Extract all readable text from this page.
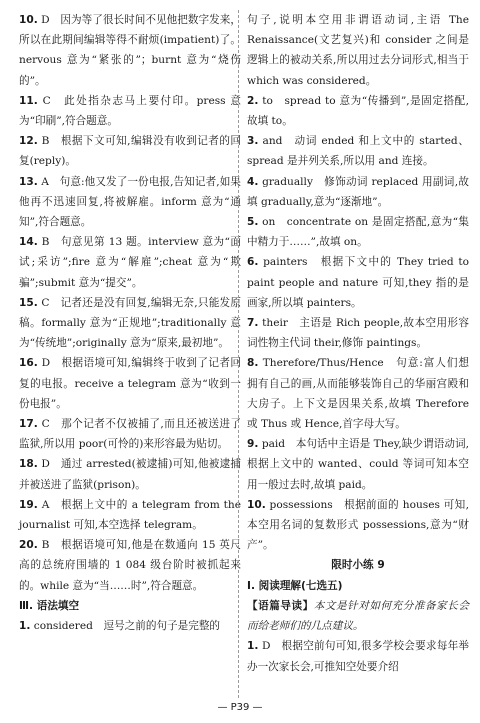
10. D　因为等了很长时间不见他把数字发来，所以在此期间编辑等得不耐烦(impatient)了。nervous 意为“紧张的”；burnt 意为“烧伤的”。

11. C　此处指杂志马上要付印。press 意为“印刷”,符合题意。

12. B　根据下文可知,编辑没有收到记者的回复(reply)。

13. A　句意:他又发了一份电报,告知记者,如果他再不迅速回复,将被解雇。inform 意为“通知”,符合题意。

14. B　句意见第 13 题。interview 意为“面试;采访”;fire 意为“解雇”;cheat 意为“欺骗”;submit 意为“提交”。

15. C　记者还是没有回复,编辑无奈,只能发原稿。formally 意为“正规地”;traditionally 意为“传统地”;originally 意为“原来,最初地”。

16. D　根据语境可知,编辑终于收到了记者回复的电报。receive a telegram 意为“收到一份电报”。

17. C　那个记者不仅被捕了,而且还被送进了监狱,所以用 poor(可怜的)来形容最为贴切。

18. D　通过 arrested(被逮捕)可知,他被逮捕并被送进了监狱(prison)。

19. A　根据上文中的 a telegram from the journalist 可知,本空选择 telegram。

20. B　根据语境可知,他是在数通向 15 英尺高的总统府围墙的 1 084 级台阶时被抓起来的。while 意为“当……时”,符合题意。

Ⅲ. 语法填空

1. considered　逗号之前的句子是完整的

句子,说明本空用非谓语动词,主语 The Renaissance(文艺复兴)和 consider 之间是逻辑上的被动关系,所以用过去分词形式,相当于 which was considered。

2. to　spread to 意为“传播到”,是固定搭配,故填 to。

3. and　动词 ended 和上文中的 started、spread 是并列关系,所以用 and 连接。

4. gradually　修饰动词 replaced 用副词,故填 gradually,意为“逐渐地”。

5. on　concentrate on 是固定搭配,意为“集中精力于……”,故填 on。

6. painters　根据下文中的 They tried to paint people and nature 可知,they 指的是画家,所以填 painters。

7. their　主语是 Rich people,故本空用形容词性物主代词 their,修饰 paintings。

8. Therefore/Thus/Hence　句意:富人们想拥有自己的画,从而能够装饰自己的华丽宫殿和大房子。上下文是因果关系,故填 Therefore 或 Thus 或 Hence,首字母大写。

9. paid　本句话中主语是 They,缺少谓语动词,根据上文中的 wanted、could 等词可知本空用一般过去时,故填 paid。

10. possessions　根据前面的 houses 可知,本空用名词的复数形式 possessions,意为“财产”。

限时小练 9

Ⅰ. 阅读理解(七选五)

【语篇导读】本文是针对如何充分准备家长会而给老师们的几点建议。

1. D　根据空前句可知,很多学校会要求每年举办一次家长会,可推知空处要介绍

— P39 —
